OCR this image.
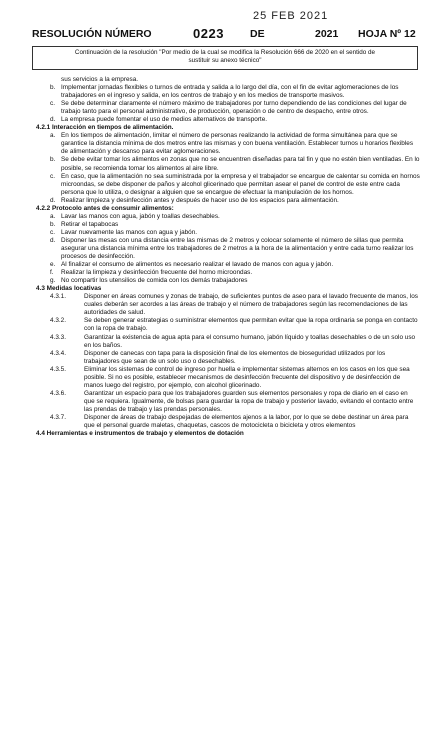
25 FEB 2021
RESOLUCIÓN NÚMERO	0223 DE	2021 HOJA Nº 12
Continuación de la resolución "Por medio de la cual se modifica la Resolución 666 de 2020 en el sentido de
sustituir su anexo técnico"

sus servicios a la empresa.

b. Implementar jornadas flexibles o turnos de entrada y salida a lo largo del día, con el fin de evitar aglomeraciones de los trabajadores en el ingreso y salida, en los centros de trabajo y en los medios de transporte masivos.
c. Se debe determinar claramente el número máximo de trabajadores por turno dependiendo de las condiciones del lugar de trabajo tanto para el personal administrativo, de producción, operación o de centro de despacho, entre otros.
d. La empresa puede fomentar el uso de medios alternativos de transporte.

4.2.1 Interacción en tiempos de alimentación.

a. En los tiempos de alimentación, limitar el número de personas realizando la actividad de forma simultánea para que se garantice la distancia mínima de dos metros entre las mismas y con buena ventilación. Establecer turnos u horarios flexibles de alimentación y descanso para evitar aglomeraciones.
b. Se debe evitar tomar los alimentos en zonas que no se encuentren diseñadas para tal fin y que no estén bien ventiladas. En lo posible, se recomienda tomar los alimentos al aire libre.
c. En caso, que la alimentación no sea suministrada por la empresa y el trabajador se encargue de calentar su comida en hornos microondas, se debe disponer de paños y alcohol glicerinado que permitan asear el panel de control de este entre cada persona que lo utiliza, o designar a alguien que se encargue de efectuar la manipulación de los hornos.
d. Realizar limpieza y desinfección antes y después de hacer uso de los espacios para alimentación.

4.2.2 Protocolo antes de consumir alimentos:

a. Lavar las manos con agua, jabón y toallas desechables.
b. Retirar el tapabocas
c. Lavar nuevamente las manos con agua y jabón.
d. Disponer las mesas con una distancia entre las mismas de 2 metros y colocar solamente el número de sillas que permita asegurar una distancia mínima entre los trabajadores de 2 metros a la hora de la alimentación y entre cada turno realizar los procesos de desinfección.
e. Al finalizar el consumo de alimentos es necesario realizar el lavado de manos con agua y jabón.
f. Realizar la limpieza y desinfección frecuente del horno microondas.
g. No compartir los utensilios de comida con los demás trabajadores

4.3 Medidas locativas

4.3.1.	Disponer en áreas comunes y zonas de trabajo, de suficientes puntos de aseo para el lavado frecuente de manos, los cuales deberán ser acordes a las áreas de trabajo y el número de trabajadores según las recomendaciones de las autoridades de salud.
4.3.2.	Se deben generar estrategias o suministrar elementos que permitan evitar que la ropa ordinaria se ponga en contacto con la ropa de trabajo.
4.3.3.	Garantizar la existencia de agua apta para el consumo humano, jabón líquido y toallas desechables o de un solo uso en los baños.
4.3.4.	Disponer de canecas con tapa para la disposición final de los elementos de bioseguridad utilizados por los trabajadores que sean de un solo uso o desechables.
4.3.5.	Eliminar los sistemas de control de ingreso por huella e implementar sistemas alternos en los casos en los que sea posible. Si no es posible, establecer mecanismos de desinfección frecuente del dispositivo y de desinfección de manos luego del registro, por ejemplo, con alcohol glicerinado.
4.3.6.	Garantizar un espacio para que los trabajadores guarden sus elementos personales y ropa de diario en el caso en que se requiera. Igualmente, de bolsas para guardar la ropa de trabajo y posterior lavado, evitando el contacto entre las prendas de trabajo y las prendas personales.
4.3.7.	Disponer de áreas de trabajo despejadas de elementos ajenos a la labor, por lo que se debe destinar un área para que el personal guarde maletas, chaquetas, cascos de motocicleta o bicicleta y otros elementos

4.4 Herramientas e instrumentos de trabajo y elementos de dotación
